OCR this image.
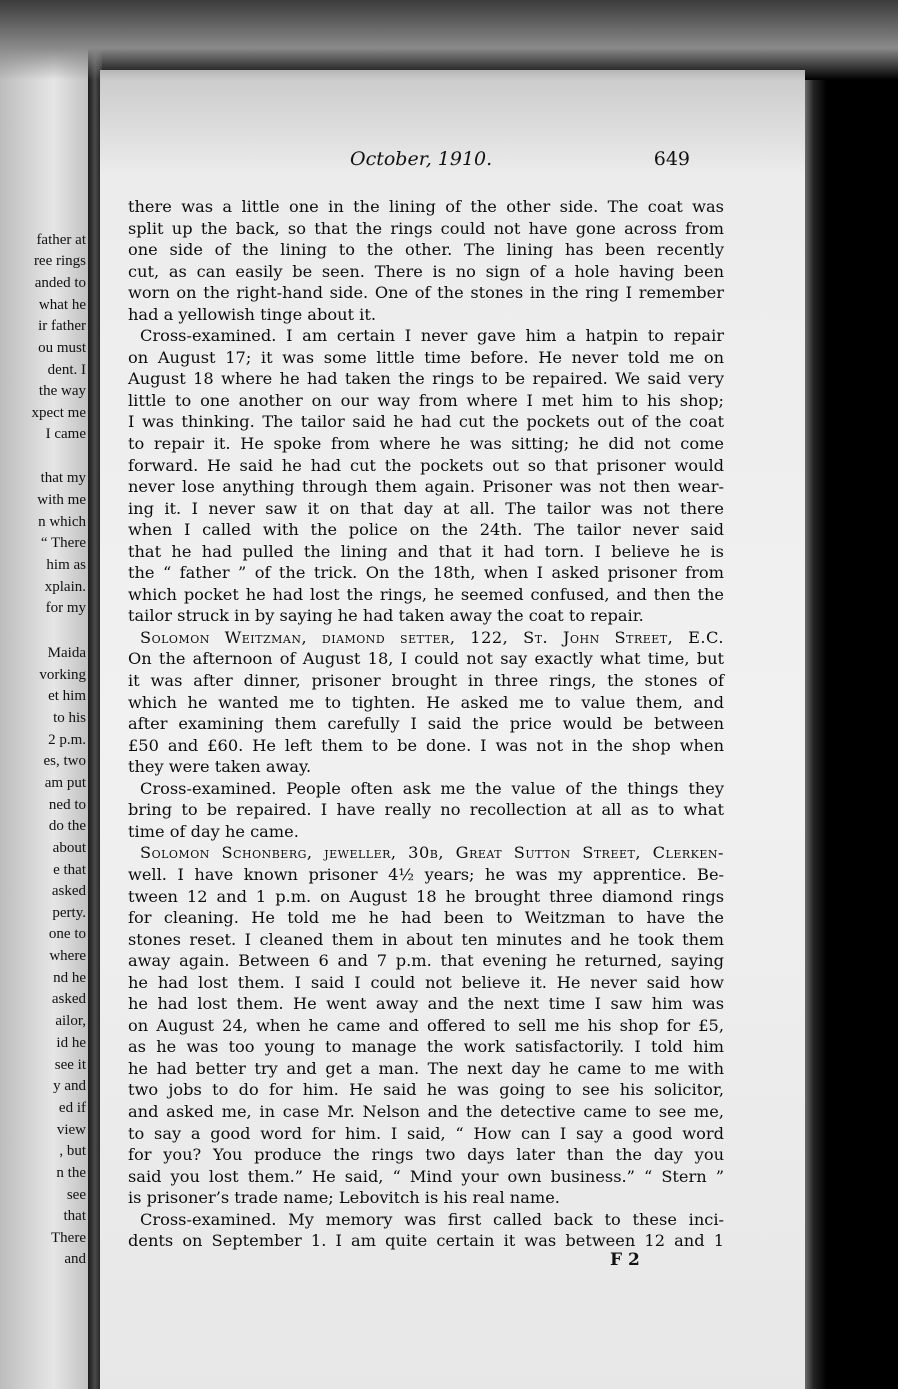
father at
ree rings
anded to
what he
ir father
ou must
dent. I
the way
xpect me
I came
that my
with me
n which
“ There
him as
xplain.
for my
Maida
vorking
et him
to his
2 p.m.
es, two
am put
ned to
do the
about
e that
asked
perty.
one to
where
nd he
asked
ailor,
id he
see it
y and
ed if
view
, but
n the
see
that
There
and
October, 1910.	649
there was a little one in the lining of the other side. The coat was
split up the back, so that the rings could not have gone across from
one side of the lining to the other. The lining has been recently
cut, as can easily be seen. There is no sign of a hole having been
worn on the right-hand side. One of the stones in the ring I remember
had a yellowish tinge about it.
Cross-examined. I am certain I never gave him a hatpin to repair
on August 17; it was some little time before. He never told me on
August 18 where he had taken the rings to be repaired. We said very
little to one another on our way from where I met him to his shop;
I was thinking. The tailor said he had cut the pockets out of the coat
to repair it. He spoke from where he was sitting; he did not come
forward. He said he had cut the pockets out so that prisoner would
never lose anything through them again. Prisoner was not then wear-
ing it. I never saw it on that day at all. The tailor was not there
when I called with the police on the 24th. The tailor never said
that he had pulled the lining and that it had torn. I believe he is
the “ father ” of the trick. On the 18th, when I asked prisoner from
which pocket he had lost the rings, he seemed confused, and then the
tailor struck in by saying he had taken away the coat to repair.
Solomon Weitzman, diamond setter, 122, St. John Street, E.C.
On the afternoon of August 18, I could not say exactly what time, but
it was after dinner, prisoner brought in three rings, the stones of
which he wanted me to tighten. He asked me to value them, and
after examining them carefully I said the price would be between
£50 and £60. He left them to be done. I was not in the shop when
they were taken away.
Cross-examined. People often ask me the value of the things they
bring to be repaired. I have really no recollection at all as to what
time of day he came.
Solomon Schonberg, jeweller, 30b, Great Sutton Street, Clerken-
well. I have known prisoner 4½ years; he was my apprentice. Be-
tween 12 and 1 p.m. on August 18 he brought three diamond rings
for cleaning. He told me he had been to Weitzman to have the
stones reset. I cleaned them in about ten minutes and he took them
away again. Between 6 and 7 p.m. that evening he returned, saying
he had lost them. I said I could not believe it. He never said how
he had lost them. He went away and the next time I saw him was
on August 24, when he came and offered to sell me his shop for £5,
as he was too young to manage the work satisfactorily. I told him
he had better try and get a man. The next day he came to me with
two jobs to do for him. He said he was going to see his solicitor,
and asked me, in case Mr. Nelson and the detective came to see me,
to say a good word for him. I said, “ How can I say a good word
for you? You produce the rings two days later than the day you
said you lost them.” He said, “ Mind your own business.” “ Stern ”
is prisoner’s trade name; Lebovitch is his real name.
Cross-examined. My memory was first called back to these inci-
dents on September 1. I am quite certain it was between 12 and 1
F 2
